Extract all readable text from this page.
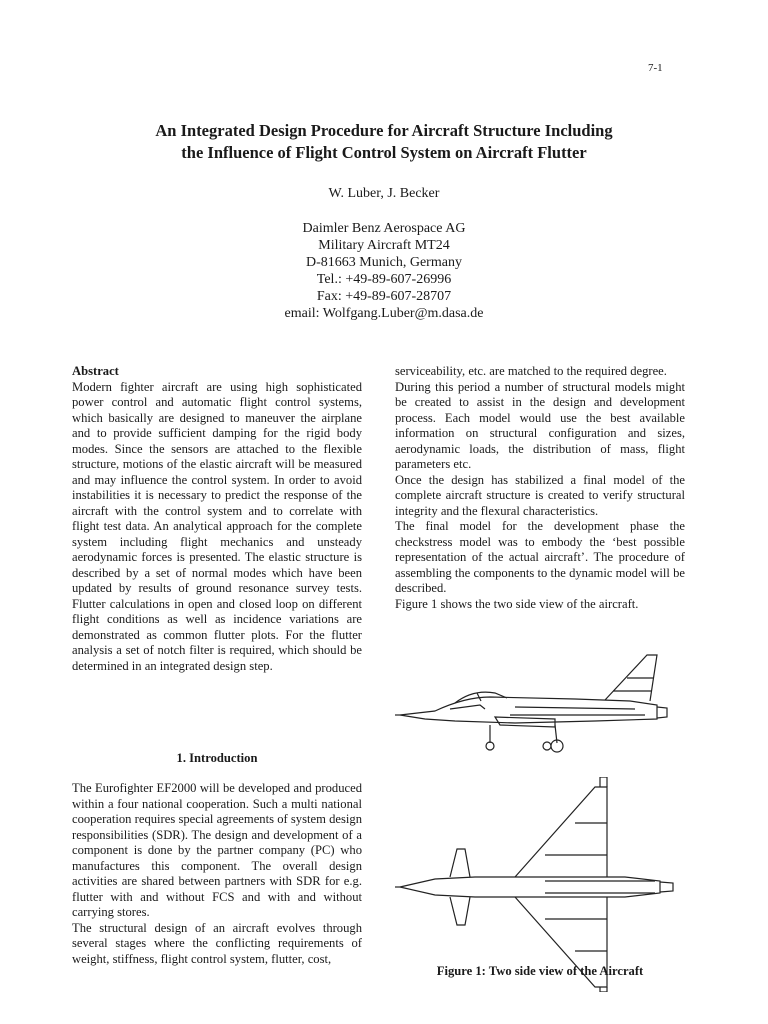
7-1
An Integrated Design Procedure for Aircraft Structure Including
the Influence of Flight Control System on Aircraft Flutter
W. Luber, J. Becker
Daimler Benz Aerospace AG
Military Aircraft MT24
D-81663 Munich, Germany
Tel.: +49-89-607-26996
Fax: +49-89-607-28707
email: Wolfgang.Luber@m.dasa.de

Abstract

Modern fighter aircraft are using high sophisticated power control and automatic flight control systems, which basically are designed to maneuver the airplane and to provide sufficient damping for the rigid body modes. Since the sensors are attached to the flexible structure, motions of the elastic aircraft will be measured and may influence the control system. In order to avoid instabilities it is necessary to predict the response of the aircraft with the control system and to correlate with flight test data. An analytical approach for the complete system including flight mechanics and unsteady aerodynamic forces is presented. The elastic structure is described by a set of normal modes which have been updated by results of ground resonance survey tests. Flutter calculations in open and closed loop on different flight conditions as well as incidence variations are demonstrated as common flutter plots. For the flutter analysis a set of notch filter is required, which should be determined in an integrated design step.

1. Introduction

The Eurofighter EF2000 will be developed and produced within a four national cooperation. Such a multi national cooperation requires special agreements of system design responsibilities (SDR). The design and development of a component is done by the partner company (PC) who manufactures this component. The overall design activities are shared between partners with SDR for e.g. flutter with and without FCS and with and without carrying stores.

The structural design of an aircraft evolves through several stages where the conflicting requirements of weight, stiffness, flight control system, flutter, cost,

serviceability, etc. are matched to the required degree.

During this period a number of structural models might be created to assist in the design and development process. Each model would use the best available information on structural configuration and sizes, aerodynamic loads, the distribution of mass, flight parameters etc.

Once the design has stabilized a final model of the complete aircraft structure is created to verify structural integrity and the flexural characteristics.

The final model for the development phase the checkstress model was to embody the ‘best possible representation of the actual aircraft’. The procedure of assembling the components to the dynamic model will be described.

Figure 1 shows the two side view of the aircraft.

Figure 1: Two side view of the Aircraft
